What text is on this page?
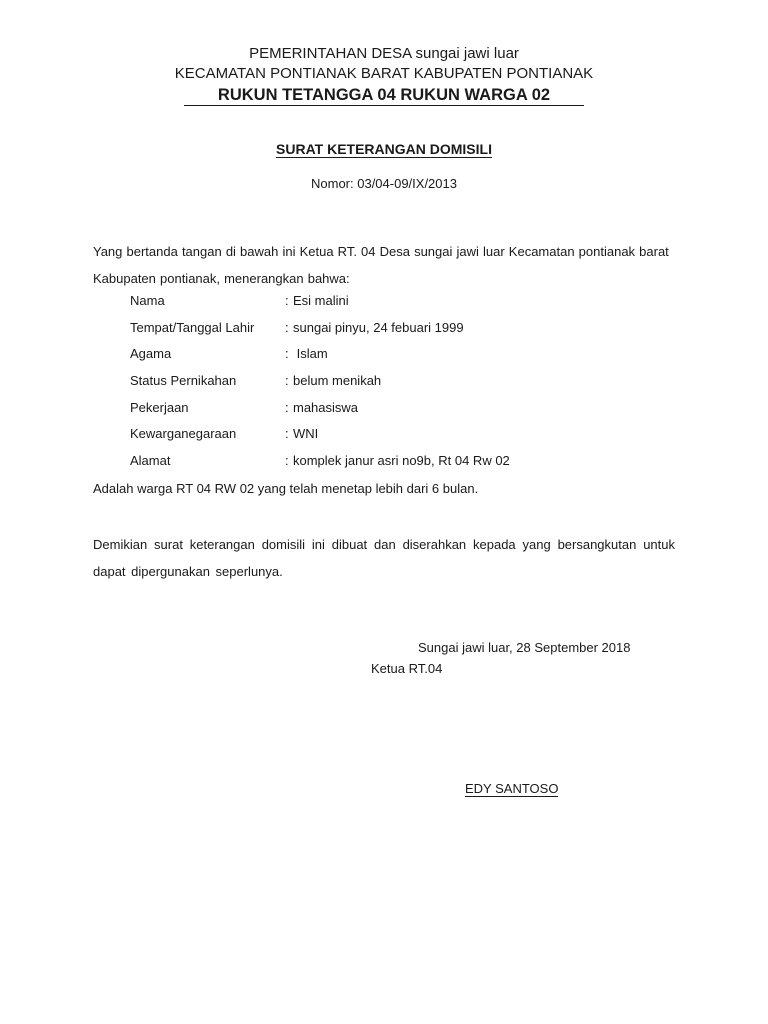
PEMERINTAHAN DESA sungai jawi luar
KECAMATAN PONTIANAK BARAT KABUPATEN PONTIANAK
RUKUN TETANGGA 04 RUKUN WARGA 02
SURAT KETERANGAN DOMISILI
Nomor: 03/04-09/IX/2013
Yang bertanda tangan di bawah ini Ketua RT. 04 Desa sungai jawi luar Kecamatan pontianak barat Kabupaten pontianak, menerangkan bahwa:
Nama	: Esi malini
Tempat/Tanggal Lahir : sungai pinyu, 24 febuari 1999
Agama	: Islam
Status Pernikahan	: belum menikah
Pekerjaan	: mahasiswa
Kewarganegaraan	: WNI
Alamat	: komplek janur asri no9b, Rt 04 Rw 02
Adalah warga RT 04 RW 02 yang telah menetap lebih dari 6 bulan.
Demikian surat keterangan domisili ini dibuat dan diserahkan kepada yang bersangkutan untuk dapat dipergunakan seperlunya.
Sungai jawi luar, 28 September 2018
Ketua RT.04
EDY SANTOSO
